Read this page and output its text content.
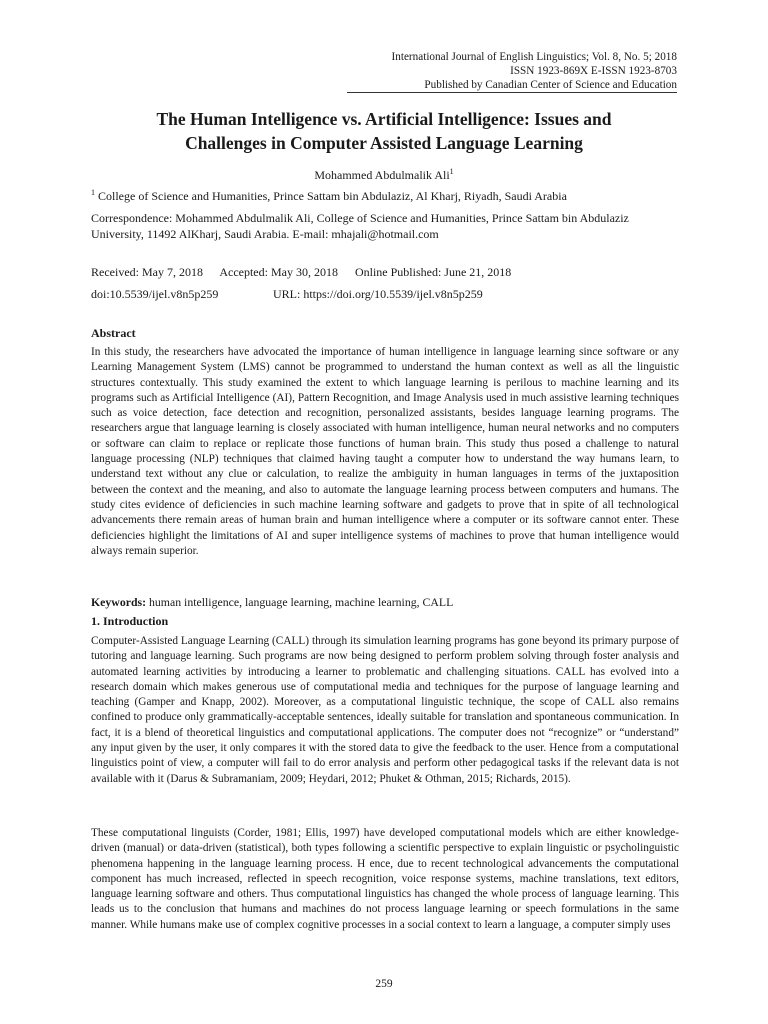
International Journal of English Linguistics; Vol. 8, No. 5; 2018
ISSN 1923-869X E-ISSN 1923-8703
Published by Canadian Center of Science and Education
The Human Intelligence vs. Artificial Intelligence: Issues and
Challenges in Computer Assisted Language Learning
Mohammed Abdulmalik Ali$^1$
$^1$ College of Science and Humanities, Prince Sattam bin Abdulaziz, Al Kharj, Riyadh, Saudi Arabia
Correspondence: Mohammed Abdulmalik Ali, College of Science and Humanities, Prince Sattam bin Abdulaziz University, 11492 AlKharj, Saudi Arabia. E-mail: mhajali@hotmail.com
Received: May 7, 2018 Accepted: May 30, 2018 Online Published: June 21, 2018
doi:10.5539/ijel.v8n5p259	URL: https://doi.org/10.5539/ijel.v8n5p259
Abstract
In this study, the researchers have advocated the importance of human intelligence in language learning since software or any Learning Management System (LMS) cannot be programmed to understand the human context as well as all the linguistic structures contextually. This study examined the extent to which language learning is perilous to machine learning and its programs such as Artificial Intelligence (AI), Pattern Recognition, and Image Analysis used in much assistive learning techniques such as voice detection, face detection and recognition, personalized assistants, besides language learning programs. The researchers argue that language learning is closely associated with human intelligence, human neural networks and no computers or software can claim to replace or replicate those functions of human brain. This study thus posed a challenge to natural language processing (NLP) techniques that claimed having taught a computer how to understand the way humans learn, to understand text without any clue or calculation, to realize the ambiguity in human languages in terms of the juxtaposition between the context and the meaning, and also to automate the language learning process between computers and humans. The study cites evidence of deficiencies in such machine learning software and gadgets to prove that in spite of all technological advancements there remain areas of human brain and human intelligence where a computer or its software cannot enter. These deficiencies highlight the limitations of AI and super intelligence systems of machines to prove that human intelligence would always remain superior.
Keywords: human intelligence, language learning, machine learning, CALL
1. Introduction
Computer-Assisted Language Learning (CALL) through its simulation learning programs has gone beyond its primary purpose of tutoring and language learning. Such programs are now being designed to perform problem solving through foster analysis and automated learning activities by introducing a learner to problematic and challenging situations. CALL has evolved into a research domain which makes generous use of computational media and techniques for the purpose of language learning and teaching (Gamper and Knapp, 2002). Moreover, as a computational linguistic technique, the scope of CALL also remains confined to produce only grammatically-acceptable sentences, ideally suitable for translation and spontaneous communication. In fact, it is a blend of theoretical linguistics and computational applications. The computer does not “recognize” or “understand” any input given by the user, it only compares it with the stored data to give the feedback to the user. Hence from a computational linguistics point of view, a computer will fail to do error analysis and perform other pedagogical tasks if the relevant data is not available with it (Darus & Subramaniam, 2009; Heydari, 2012; Phuket & Othman, 2015; Richards, 2015).
These computational linguists (Corder, 1981; Ellis, 1997) have developed computational models which are either knowledge-driven (manual) or data-driven (statistical), both types following a scientific perspective to explain linguistic or psycholinguistic phenomena happening in the language learning process. H ence, due to recent technological advancements the computational component has much increased, reflected in speech recognition, voice response systems, machine translations, text editors, language learning software and others. Thus computational linguistics has changed the whole process of language learning. This leads us to the conclusion that humans and machines do not process language learning or speech formulations in the same manner. While humans make use of complex cognitive processes in a social context to learn a language, a computer simply uses
259
